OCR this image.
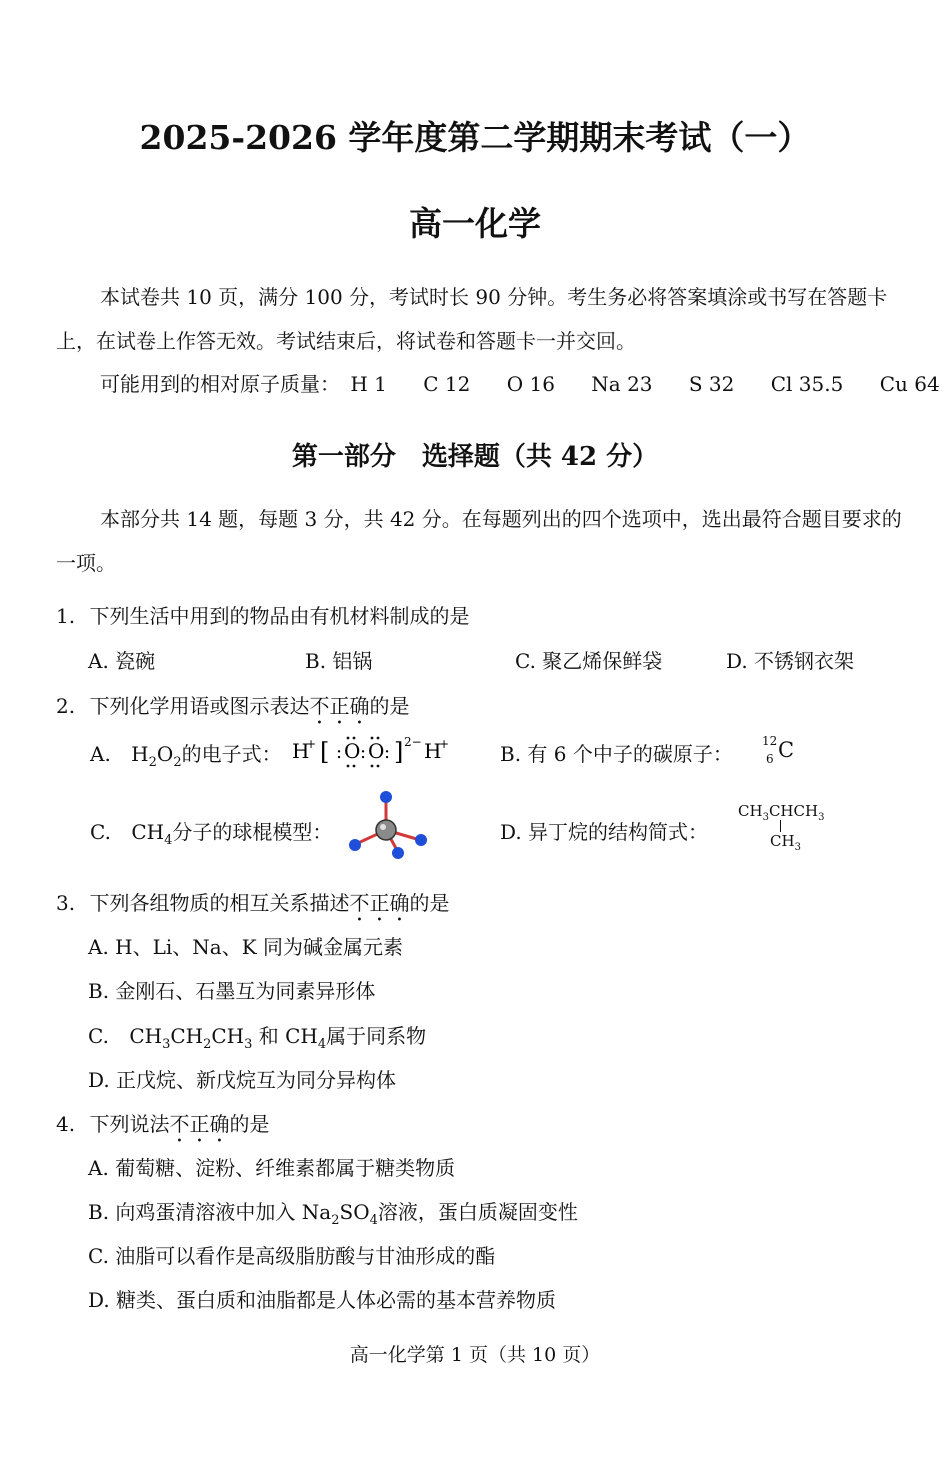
2025-2026 学年度第二学期期末考试（一）
高一化学
本试卷共 10 页，满分 100 分，考试时长 90 分钟。考生务必将答案填涂或书写在答题卡上，在试卷上作答无效。考试结束后，将试卷和答题卡一并交回。
可能用到的相对原子质量： H 1 C 12 O 16 Na 23 S 32 Cl 35.5 Cu 64
第一部分　选择题（共 42 分）
本部分共 14 题，每题 3 分，共 42 分。在每题列出的四个选项中，选出最符合题目要求的一项。
1. 下列生活中用到的物品由有机材料制成的是
A. 瓷碗	B. 铝锅	C. 聚乙烯保鲜袋	D. 不锈钢衣架
2. 下列化学用语或图示表达不正确的是
A. $H_2O_2$的电子式： H
+ [ : O : O : ] 2− H
+	B. 有 6 个中子的碳原子：
12
6 C
C. $CH_4$分子的球棍模型：	D. 异丁烷的结构简式：
$CH_3CHCH_3$
$CH_3$
3. 下列各组物质的相互关系描述不正确的是
A. H、Li、Na、K 同为碱金属元素
B. 金刚石、石墨互为同素异形体
C. $CH_3CH_2CH_3$ 和 $CH_4$属于同系物
D. 正戊烷、新戊烷互为同分异构体
4. 下列说法不正确的是
A. 葡萄糖、淀粉、纤维素都属于糖类物质
B. 向鸡蛋清溶液中加入 $Na_2SO_4$溶液，蛋白质凝固变性
C. 油脂可以看作是高级脂肪酸与甘油形成的酯
D. 糖类、蛋白质和油脂都是人体必需的基本营养物质
高一化学第 1 页（共 10 页）
